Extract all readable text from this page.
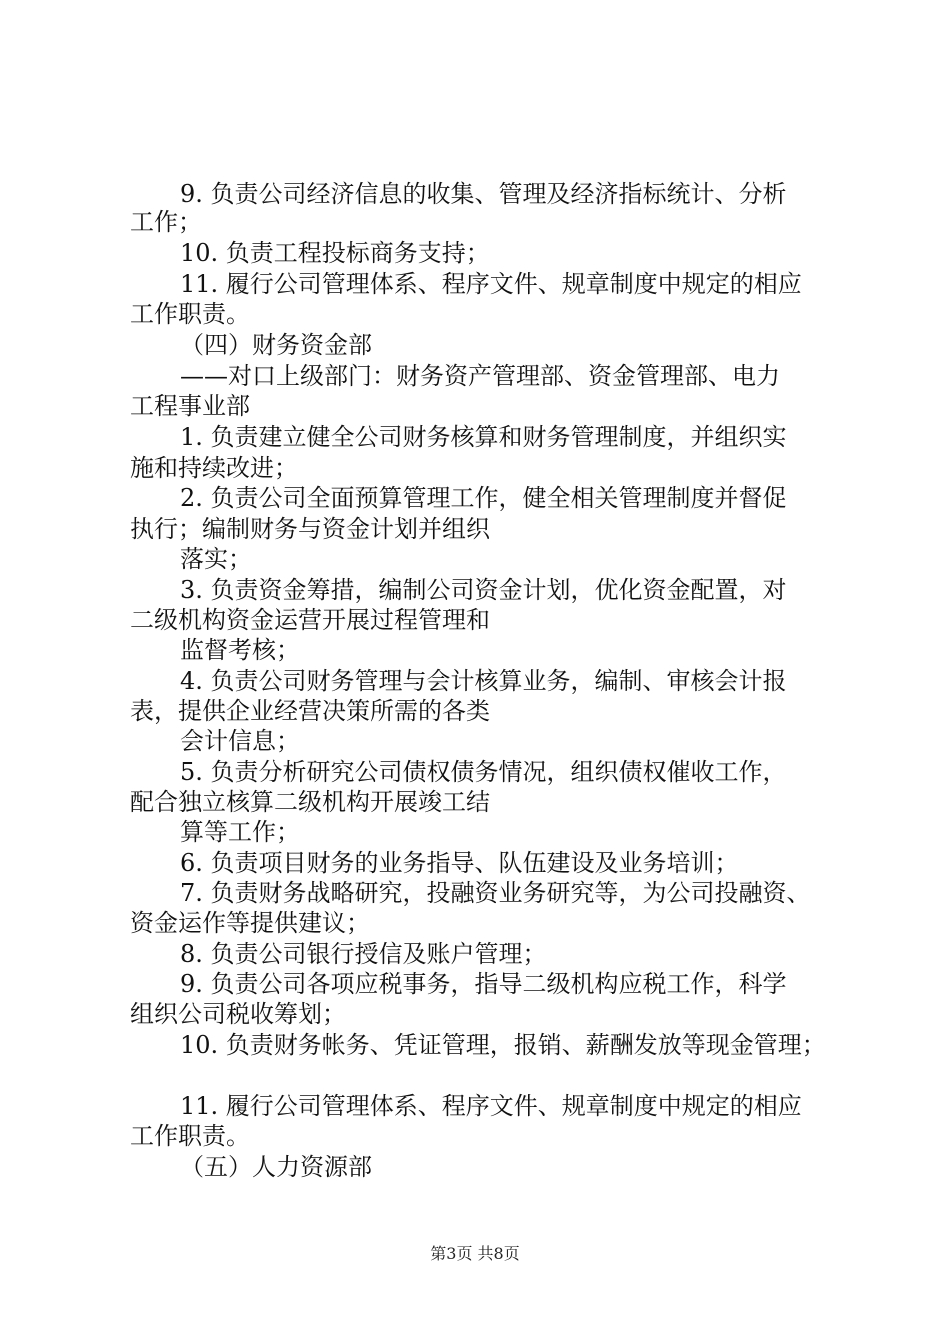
9. 负责公司经济信息的收集、管理及经济指标统计、分析
工作；
10. 负责工程投标商务支持；
11. 履行公司管理体系、程序文件、规章制度中规定的相应
工作职责。
（四）财务资金部
——对口上级部门：财务资产管理部、资金管理部、电力
工程事业部
1. 负责建立健全公司财务核算和财务管理制度，并组织实
施和持续改进；
2. 负责公司全面预算管理工作，健全相关管理制度并督促
执行；编制财务与资金计划并组织
落实；
3. 负责资金筹措，编制公司资金计划，优化资金配置，对
二级机构资金运营开展过程管理和
监督考核；
4. 负责公司财务管理与会计核算业务，编制、审核会计报
表，提供企业经营决策所需的各类
会计信息；
5. 负责分析研究公司债权债务情况，组织债权催收工作，
配合独立核算二级机构开展竣工结
算等工作；
6. 负责项目财务的业务指导、队伍建设及业务培训；
7. 负责财务战略研究，投融资业务研究等，为公司投融资、
资金运作等提供建议；
8. 负责公司银行授信及账户管理；
9. 负责公司各项应税事务，指导二级机构应税工作，科学
组织公司税收筹划；
10. 负责财务帐务、凭证管理，报销、薪酬发放等现金管理；
11. 履行公司管理体系、程序文件、规章制度中规定的相应
工作职责。
（五）人力资源部
第3页 共8页
